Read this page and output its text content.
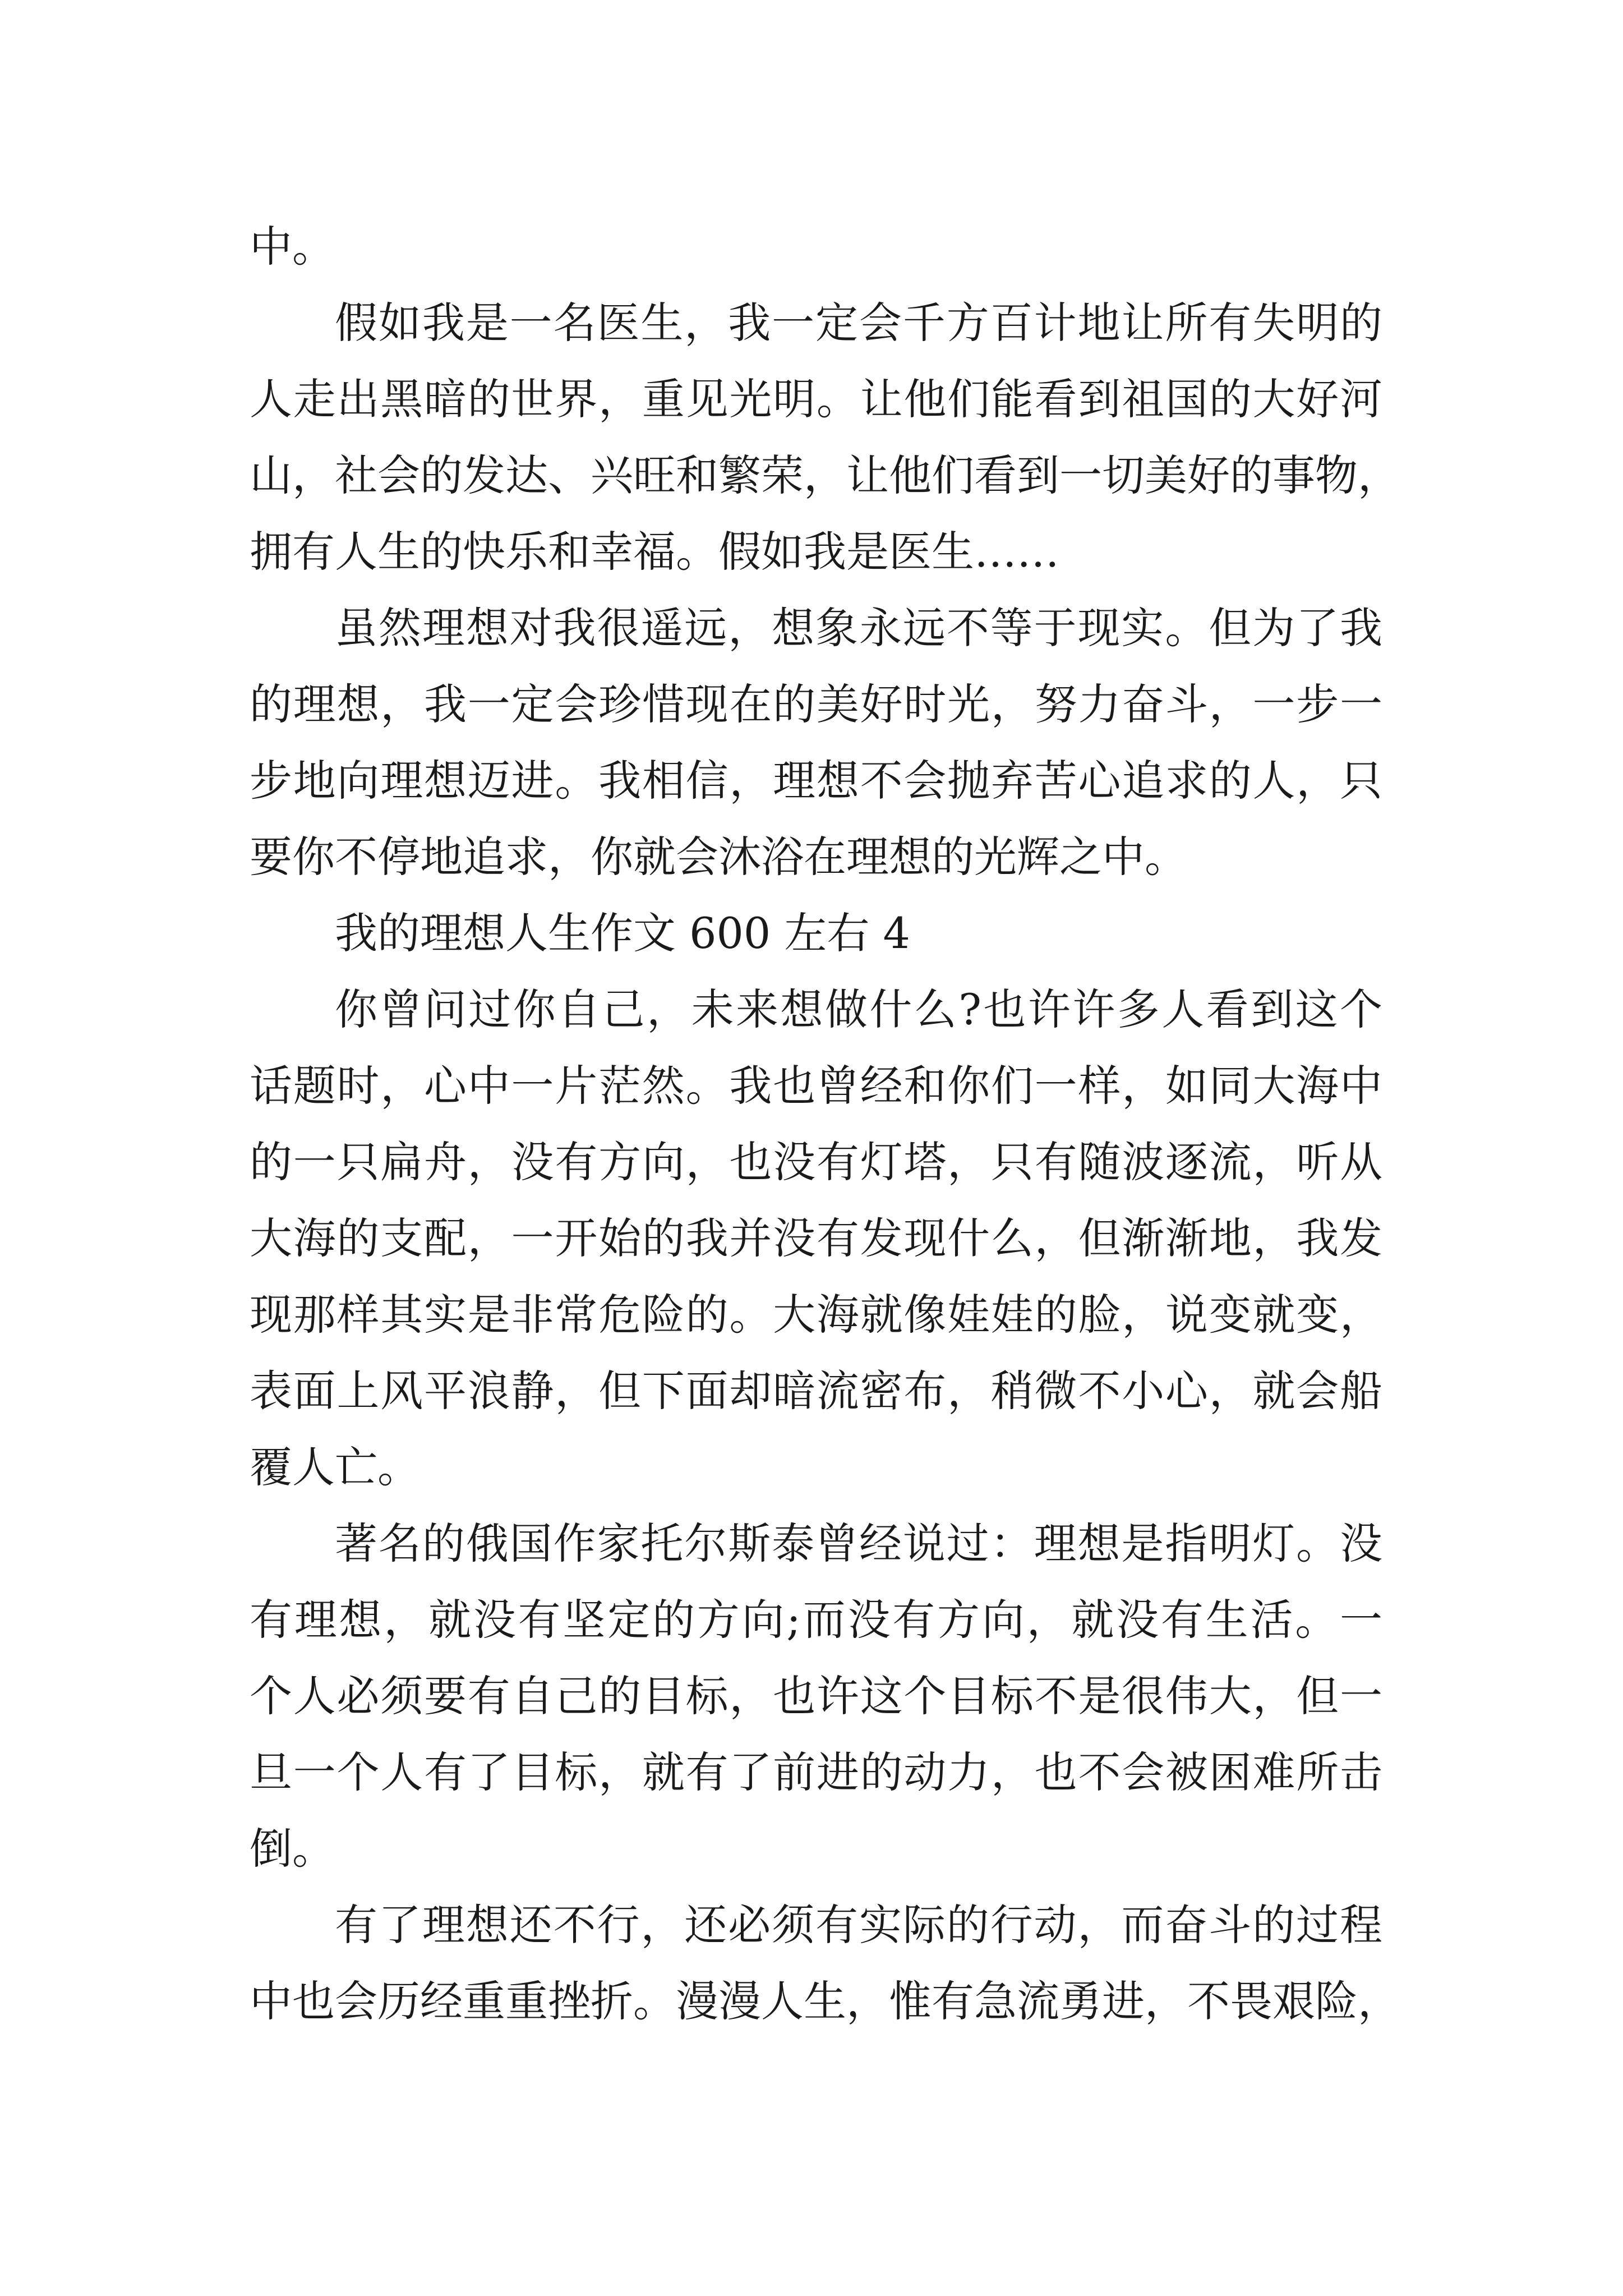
中。
假如我是一名医生，我一定会千方百计地让所有失明的
人走出黑暗的世界，重见光明。让他们能看到祖国的大好河
山，社会的发达、兴旺和繁荣，让他们看到一切美好的事物，
拥有人生的快乐和幸福。假如我是医生……
虽然理想对我很遥远，想象永远不等于现实。但为了我
的理想，我一定会珍惜现在的美好时光，努力奋斗，一步一
步地向理想迈进。我相信，理想不会抛弃苦心追求的人，只
要你不停地追求，你就会沐浴在理想的光辉之中。
我的理想人生作文 600 左右 4
你曾问过你自己，未来想做什么?也许许多人看到这个
话题时，心中一片茫然。我也曾经和你们一样，如同大海中
的一只扁舟，没有方向，也没有灯塔，只有随波逐流，听从
大海的支配，一开始的我并没有发现什么，但渐渐地，我发
现那样其实是非常危险的。大海就像娃娃的脸，说变就变，
表面上风平浪静，但下面却暗流密布，稍微不小心，就会船
覆人亡。
著名的俄国作家托尔斯泰曾经说过：理想是指明灯。没
有理想，就没有坚定的方向;而没有方向，就没有生活。一
个人必须要有自己的目标，也许这个目标不是很伟大，但一
旦一个人有了目标，就有了前进的动力，也不会被困难所击
倒。
有了理想还不行，还必须有实际的行动，而奋斗的过程
中也会历经重重挫折。漫漫人生，惟有急流勇进，不畏艰险，
